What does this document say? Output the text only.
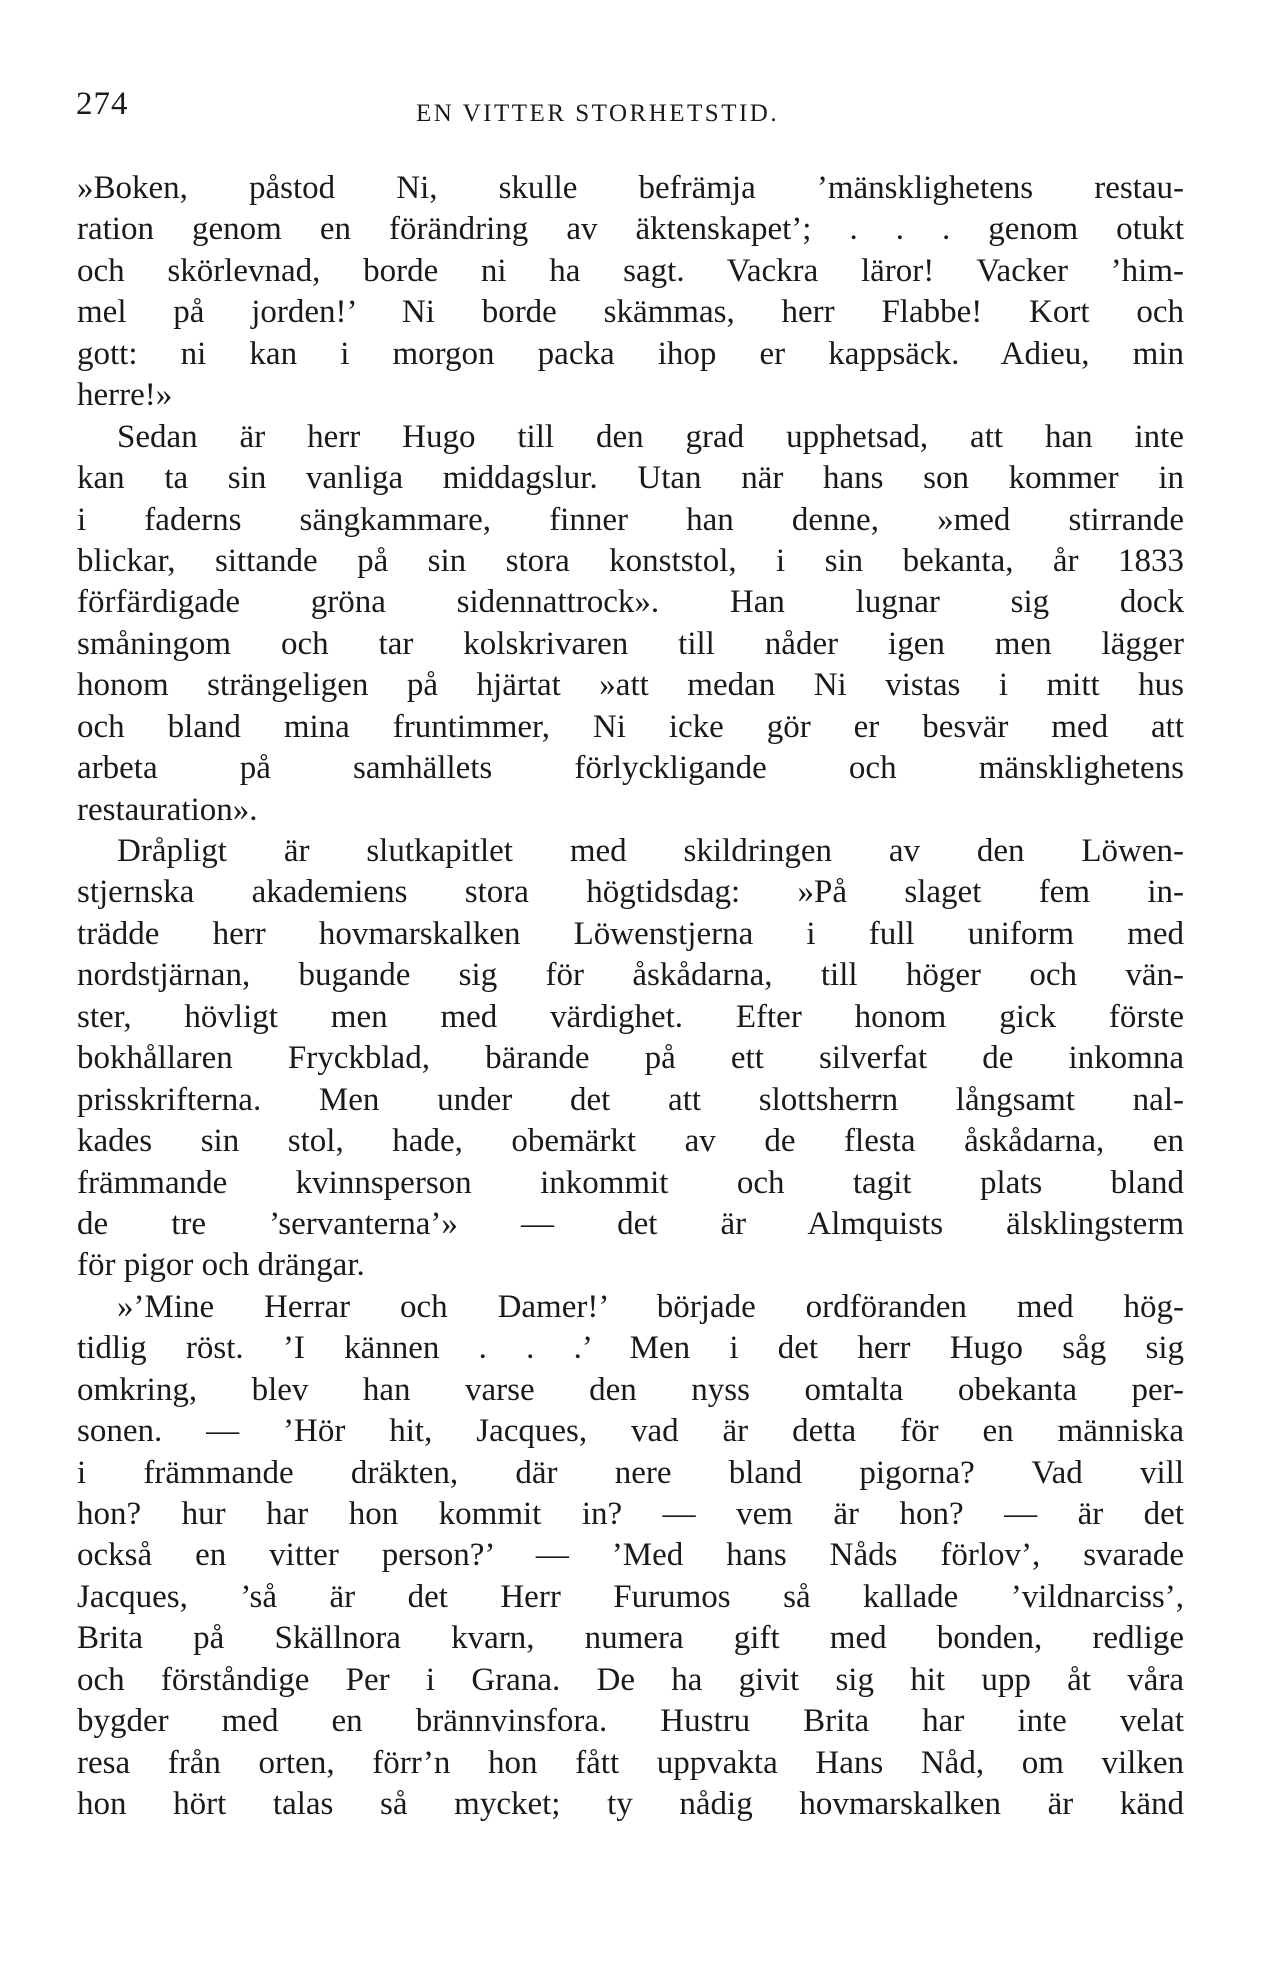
274	EN VITTER STORHETSTID.
»Boken, påstod Ni, skulle befrämja ’mänsklighetens restau-
ration genom en förändring av äktenskapet’; . . . genom otukt
och skörlevnad, borde ni ha sagt. Vackra läror! Vacker ’him-
mel på jorden!’ Ni borde skämmas, herr Flabbe! Kort och
gott: ni kan i morgon packa ihop er kappsäck. Adieu, min
herre!»
Sedan är herr Hugo till den grad upphetsad, att han inte
kan ta sin vanliga middagslur. Utan när hans son kommer in
i faderns sängkammare, finner han denne, »med stirrande
blickar, sittande på sin stora konststol, i sin bekanta, år 1833
förfärdigade gröna sidennattrock». Han lugnar sig dock
småningom och tar kolskrivaren till nåder igen men lägger
honom strängeligen på hjärtat »att medan Ni vistas i mitt hus
och bland mina fruntimmer, Ni icke gör er besvär med att
arbeta på samhällets förlyckligande och mänsklighetens
restauration».
Dråpligt är slutkapitlet med skildringen av den Löwen-
stjernska akademiens stora högtidsdag: »På slaget fem in-
trädde herr hovmarskalken Löwenstjerna i full uniform med
nordstjärnan, bugande sig för åskådarna, till höger och vän-
ster, hövligt men med värdighet. Efter honom gick förste
bokhållaren Fryckblad, bärande på ett silverfat de inkomna
prisskrifterna. Men under det att slottsherrn långsamt nal-
kades sin stol, hade, obemärkt av de flesta åskådarna, en
främmande kvinnsperson inkommit och tagit plats bland
de tre ’servanterna’» — det är Almquists älsklingsterm
för pigor och drängar.
»’Mine Herrar och Damer!’ började ordföranden med hög-
tidlig röst. ’I kännen . . .’ Men i det herr Hugo såg sig
omkring, blev han varse den nyss omtalta obekanta per-
sonen. — ’Hör hit, Jacques, vad är detta för en människa
i främmande dräkten, där nere bland pigorna? Vad vill
hon? hur har hon kommit in? — vem är hon? — är det
också en vitter person?’ — ’Med hans Nåds förlov’, svarade
Jacques, ’så är det Herr Furumos så kallade ’vildnarciss’,
Brita på Skällnora kvarn, numera gift med bonden, redlige
och förståndige Per i Grana. De ha givit sig hit upp åt våra
bygder med en brännvinsfora. Hustru Brita har inte velat
resa från orten, förr’n hon fått uppvakta Hans Nåd, om vilken
hon hört talas så mycket; ty nådig hovmarskalken är känd
